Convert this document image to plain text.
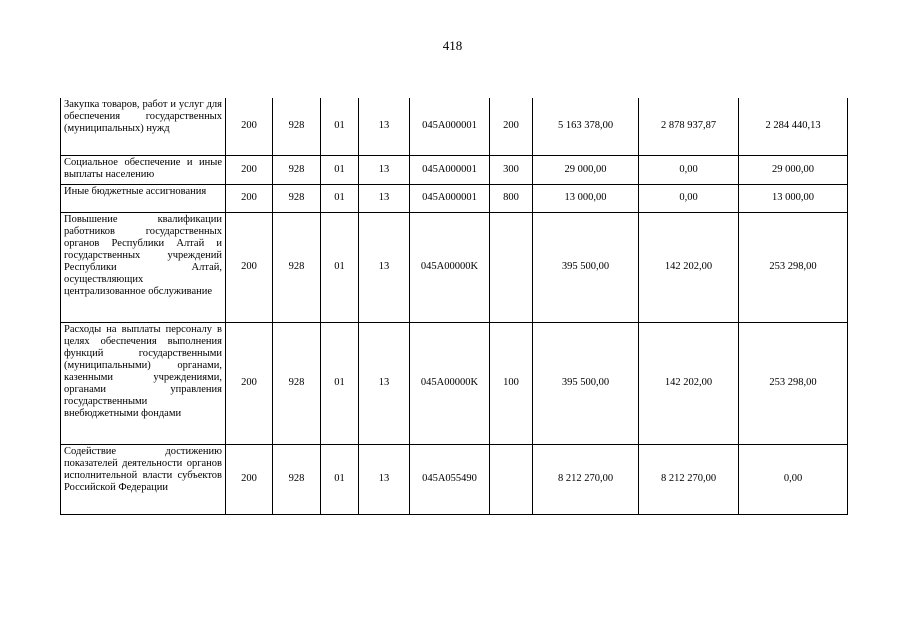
418
Закупка товаров, работ и услуг для обеспечения государственных (муниципальных) нужд	200	928	01	13	045A000001	200	5 163 378,00	2 878 937,87	2 284 440,13
Социальное обеспечение и иные выплаты населению	200	928	01	13	045A000001	300	29 000,00	0,00	29 000,00
Иные бюджетные ассигнования	200	928	01	13	045A000001	800	13 000,00	0,00	13 000,00
Повышение квалификации работников государственных органов Республики Алтай и государственных учреждений Республики Алтай, осуществляющих централизованное обслуживание	200	928	01	13	045A00000K		395 500,00	142 202,00	253 298,00
Расходы на выплаты персоналу в целях обеспечения выполнения функций государственными (муниципальными) органами, казенными учреждениями, органами управления государственными внебюджетными фондами	200	928	01	13	045A00000K	100	395 500,00	142 202,00	253 298,00
Содействие достижению показателей деятельности органов исполнительной власти субъектов Российской Федерации	200	928	01	13	045A055490		8 212 270,00	8 212 270,00	0,00
